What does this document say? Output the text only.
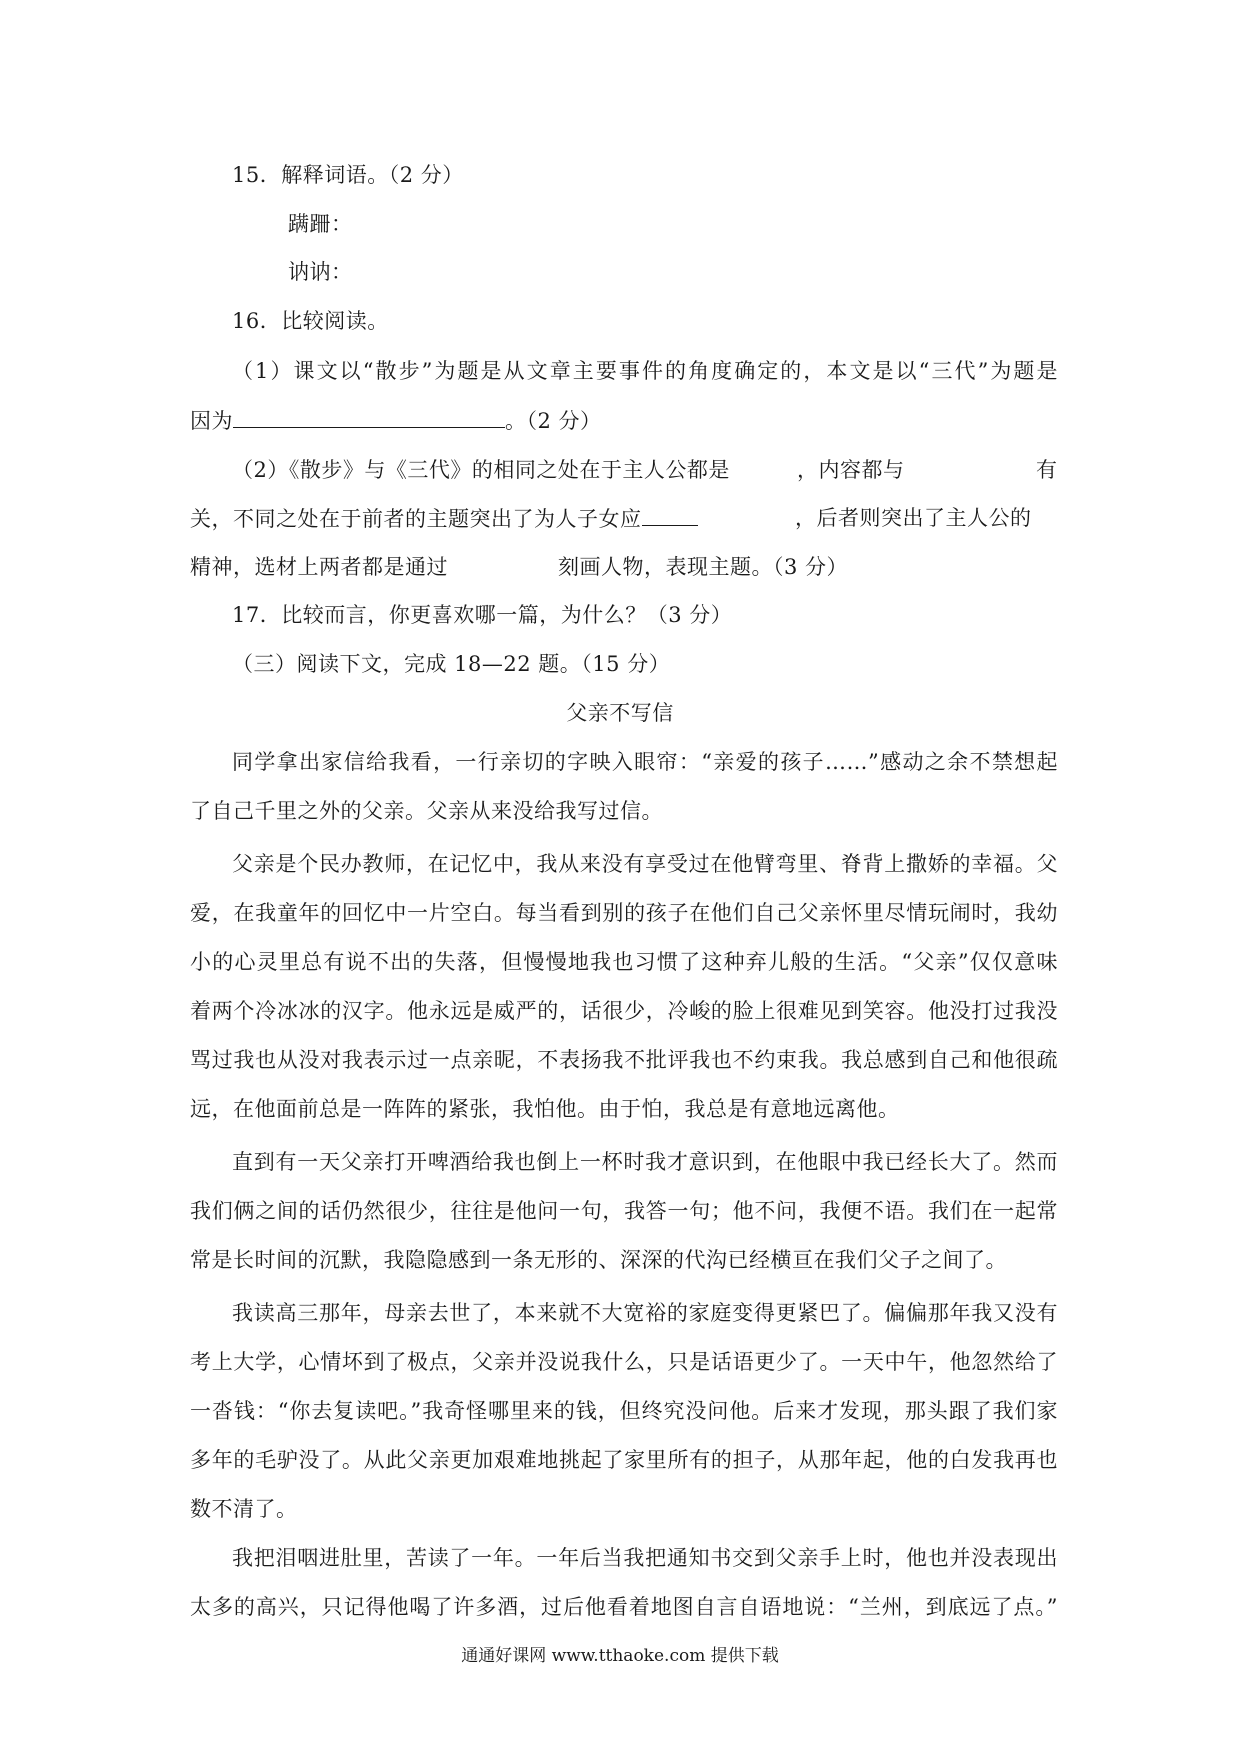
15．解释词语。（2 分）
蹒跚：
讷讷：
16．比较阅读。
（1）课文以“散步”为题是从文章主要事件的角度确定的，本文是以“三代”为题是
因为	。（2 分）
（2）《散步》与《三代》的相同之处在于主人公都是	，内容都与	有
关，不同之处在于前者的主题突出了为人子女应	，后者则突出了主人公的
精神，选材上两者都是通过	刻画人物，表现主题。（3 分）
17．比较而言，你更喜欢哪一篇，为什么？（3 分）
（三）阅读下文，完成 18—22 题。（15 分）
父亲不写信
同学拿出家信给我看，一行亲切的字映入眼帘：“亲爱的孩子……”感动之余不禁想起
了自己千里之外的父亲。父亲从来没给我写过信。
父亲是个民办教师，在记忆中，我从来没有享受过在他臂弯里、脊背上撒娇的幸福。父
爱，在我童年的回忆中一片空白。每当看到别的孩子在他们自己父亲怀里尽情玩闹时，我幼
小的心灵里总有说不出的失落，但慢慢地我也习惯了这种弃儿般的生活。“父亲”仅仅意味
着两个冷冰冰的汉字。他永远是威严的，话很少，冷峻的脸上很难见到笑容。他没打过我没
骂过我也从没对我表示过一点亲昵，不表扬我不批评我也不约束我。我总感到自己和他很疏
远，在他面前总是一阵阵的紧张，我怕他。由于怕，我总是有意地远离他。
直到有一天父亲打开啤酒给我也倒上一杯时我才意识到，在他眼中我已经长大了。然而
我们俩之间的话仍然很少，往往是他问一句，我答一句；他不问，我便不语。我们在一起常
常是长时间的沉默，我隐隐感到一条无形的、深深的代沟已经横亘在我们父子之间了。
我读高三那年，母亲去世了，本来就不大宽裕的家庭变得更紧巴了。偏偏那年我又没有
考上大学，心情坏到了极点，父亲并没说我什么，只是话语更少了。一天中午，他忽然给了
一沓钱：“你去复读吧。”我奇怪哪里来的钱，但终究没问他。后来才发现，那头跟了我们家
多年的毛驴没了。从此父亲更加艰难地挑起了家里所有的担子，从那年起，他的白发我再也
数不清了。
我把泪咽进肚里，苦读了一年。一年后当我把通知书交到父亲手上时，他也并没表现出
太多的高兴，只记得他喝了许多酒，过后他看着地图自言自语地说：“兰州，到底远了点。”
通通好课网 www.tthaoke.com 提供下载
